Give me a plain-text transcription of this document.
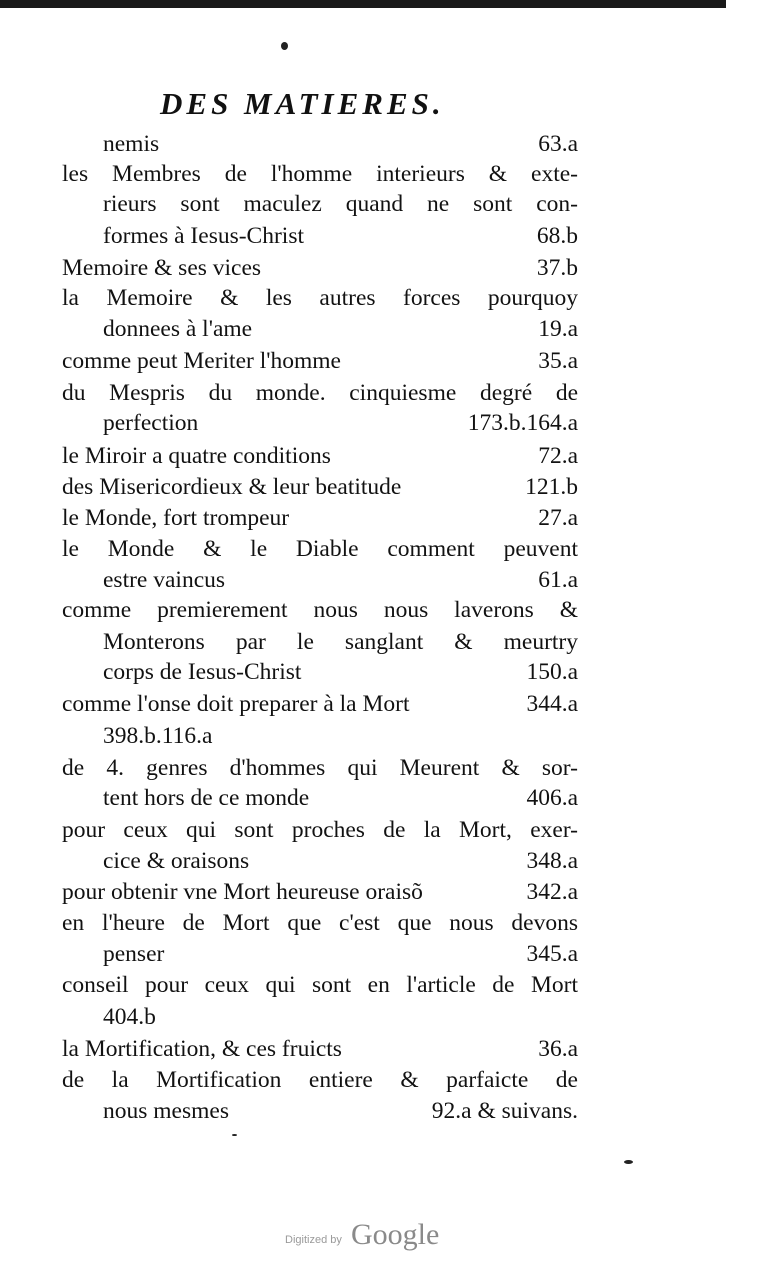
DES MATIERES.
nemis	63.a
les Membres de l'homme interieurs & exte-
rieurs sont maculez quand ne sont con-
formes à Iesus-Christ	68.b
Memoire & ses vices	37.b
la Memoire & les autres forces pourquoy
donnees à l'ame	19.a
comme peut Meriter l'homme	35.a
du Mespris du monde. cinquiesme degré de
perfection	173.b.164.a
le Miroir a quatre conditions	72.a
des Misericordieux & leur beatitude	121.b
le Monde, fort trompeur	27.a
le Monde & le Diable comment peuvent
estre vaincus	61.a
comme premierement nous nous laverons &
Monterons par le sanglant & meurtry
corps de Iesus-Christ	150.a
comme l'onse doit preparer à la Mort	344.a
398.b.116.a
de 4. genres d'hommes qui Meurent & sor-
tent hors de ce monde	406.a
pour ceux qui sont proches de la Mort, exer-
cice & oraisons	348.a
pour obtenir vne Mort heureuse oraisõ	342.a
en l'heure de Mort que c'est que nous devons
penser	345.a
conseil pour ceux qui sont en l'article de Mort
404.b
la Mortification, & ces fruicts	36.a
de la Mortification entiere & parfaicte de
nous mesmes	92.a & suivans.
Digitized by Google
